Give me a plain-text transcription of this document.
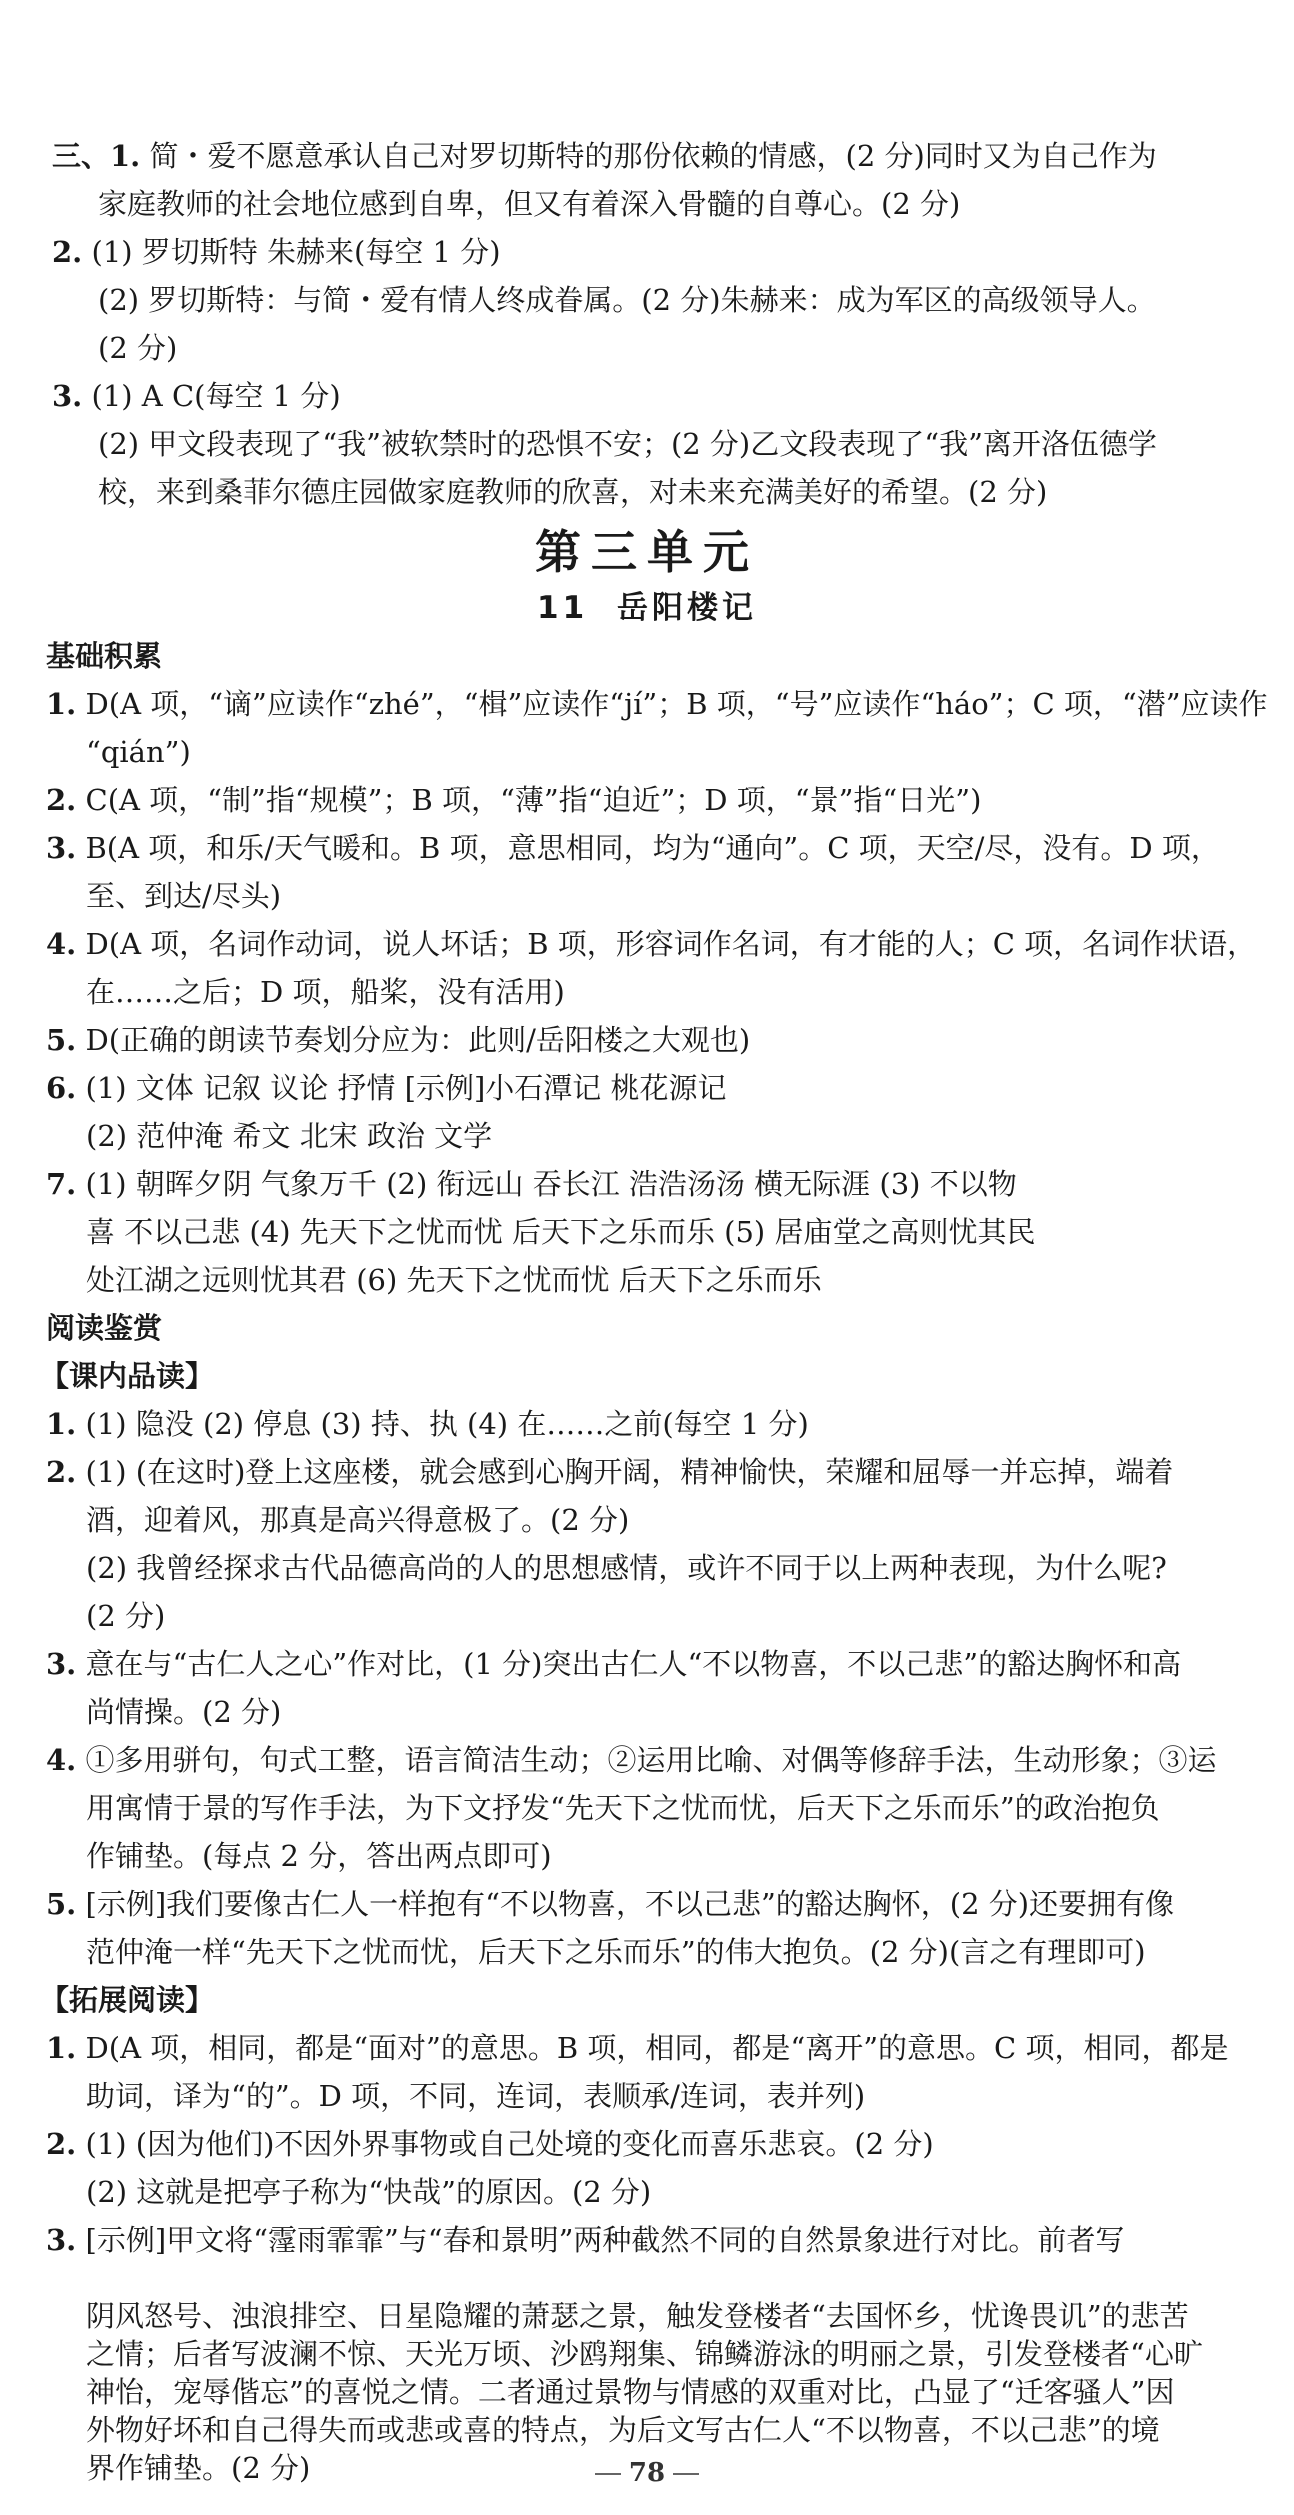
三、1. 简・爱不愿意承认自己对罗切斯特的那份依赖的情感，(2 分)同时又为自己作为
家庭教师的社会地位感到自卑，但又有着深入骨髓的自尊心。(2 分)
2. (1) 罗切斯特 朱赫来(每空 1 分)
(2) 罗切斯特：与简・爱有情人终成眷属。(2 分)朱赫来：成为军区的高级领导人。
(2 分)
3. (1) A C(每空 1 分)
(2) 甲文段表现了“我”被软禁时的恐惧不安；(2 分)乙文段表现了“我”离开洛伍德学
校，来到桑菲尔德庄园做家庭教师的欣喜，对未来充满美好的希望。(2 分)
第三单元
11 岳阳楼记
基础积累
1. D(A 项，“谪”应读作“zhé”，“楫”应读作“jí”；B 项，“号”应读作“háo”；C 项，“潜”应读作
“qián”)
2. C(A 项，“制”指“规模”；B 项，“薄”指“迫近”；D 项，“景”指“日光”)
3. B(A 项，和乐/天气暖和。B 项，意思相同，均为“通向”。C 项，天空/尽，没有。D 项，
至、到达/尽头)
4. D(A 项，名词作动词，说人坏话；B 项，形容词作名词，有才能的人；C 项，名词作状语，
在……之后；D 项，船桨，没有活用)
5. D(正确的朗读节奏划分应为：此则/岳阳楼之大观也)
6. (1) 文体 记叙 议论 抒情 [示例]小石潭记 桃花源记
(2) 范仲淹 希文 北宋 政治 文学
7. (1) 朝晖夕阴 气象万千 (2) 衔远山 吞长江 浩浩汤汤 横无际涯 (3) 不以物
喜 不以己悲 (4) 先天下之忧而忧 后天下之乐而乐 (5) 居庙堂之高则忧其民
处江湖之远则忧其君 (6) 先天下之忧而忧 后天下之乐而乐
阅读鉴赏
【课内品读】
1. (1) 隐没 (2) 停息 (3) 持、执 (4) 在……之前(每空 1 分)
2. (1) (在这时)登上这座楼，就会感到心胸开阔，精神愉快，荣耀和屈辱一并忘掉，端着
酒，迎着风，那真是高兴得意极了。(2 分)
(2) 我曾经探求古代品德高尚的人的思想感情，或许不同于以上两种表现，为什么呢?
(2 分)
3. 意在与“古仁人之心”作对比，(1 分)突出古仁人“不以物喜，不以己悲”的豁达胸怀和高
尚情操。(2 分)
4. ①多用骈句，句式工整，语言简洁生动；②运用比喻、对偶等修辞手法，生动形象；③运
用寓情于景的写作手法，为下文抒发“先天下之忧而忧，后天下之乐而乐”的政治抱负
作铺垫。(每点 2 分，答出两点即可)
5. [示例]我们要像古仁人一样抱有“不以物喜，不以己悲”的豁达胸怀，(2 分)还要拥有像
范仲淹一样“先天下之忧而忧，后天下之乐而乐”的伟大抱负。(2 分)(言之有理即可)
【拓展阅读】
1. D(A 项，相同，都是“面对”的意思。B 项，相同，都是“离开”的意思。C 项，相同，都是
助词，译为“的”。D 项，不同，连词，表顺承/连词，表并列)
2. (1) (因为他们)不因外界事物或自己处境的变化而喜乐悲哀。(2 分)
(2) 这就是把亭子称为“快哉”的原因。(2 分)
3. [示例]甲文将“霪雨霏霏”与“春和景明”两种截然不同的自然景象进行对比。前者写
阴风怒号、浊浪排空、日星隐耀的萧瑟之景，触发登楼者“去国怀乡，忧谗畏讥”的悲苦
之情；后者写波澜不惊、天光万顷、沙鸥翔集、锦鳞游泳的明丽之景，引发登楼者“心旷
神怡，宠辱偕忘”的喜悦之情。二者通过景物与情感的双重对比，凸显了“迁客骚人”因
外物好坏和自己得失而或悲或喜的特点，为后文写古仁人“不以物喜，不以己悲”的境
界作铺垫。(2 分)	78
